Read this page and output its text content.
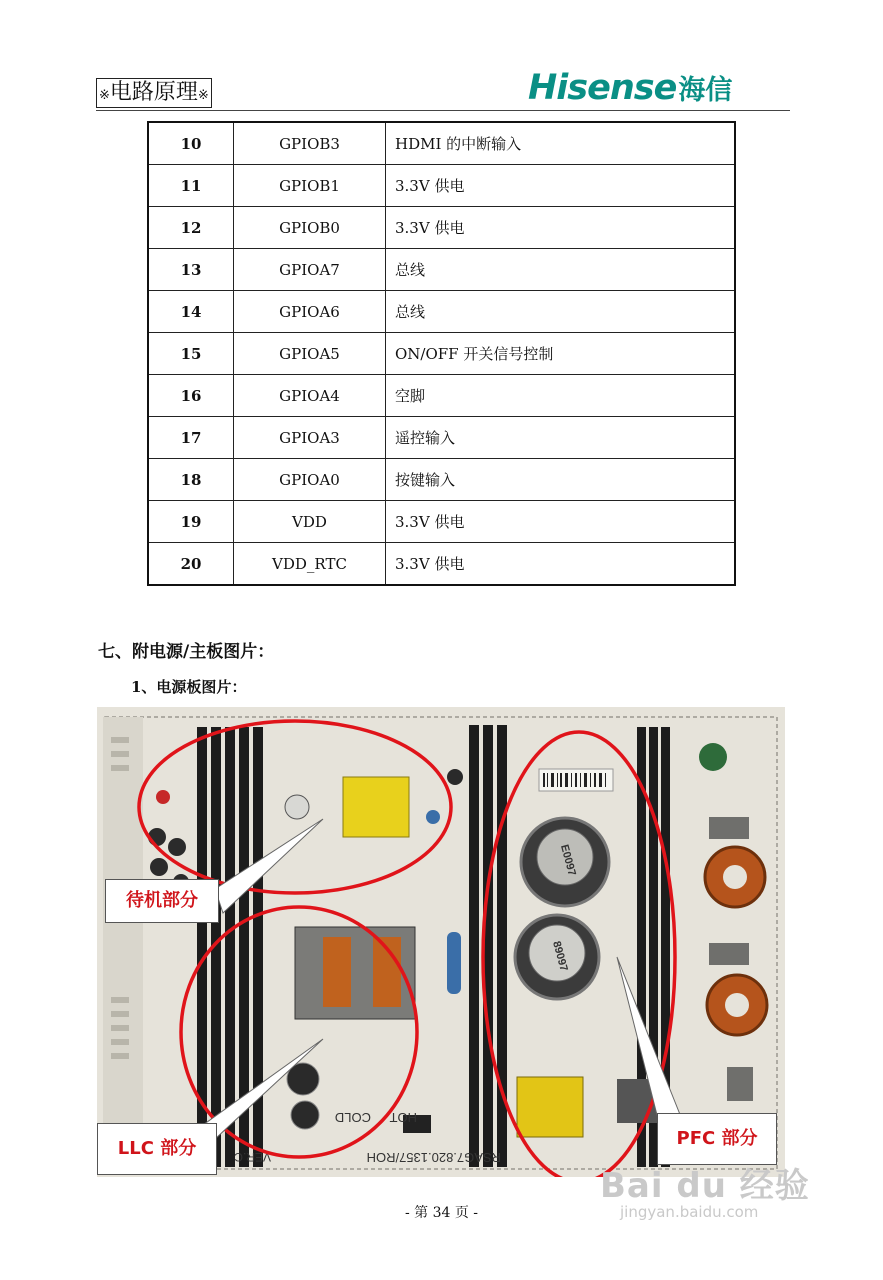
※电路原理※	Hisense海信
10	GPIOB3	HDMI 的中断输入
11	GPIOB1	3.3V 供电
12	GPIOB0	3.3V 供电
13	GPIOA7	总线
14	GPIOA6	总线
15	GPIOA5	ON/OFF 开关信号控制
16	GPIOA4	空脚
17	GPIOA3	遥控输入
18	GPIOA0	按键输入
19	VDD	3.3V 供电
20	VDD_RTC	3.3V 供电
七、附电源/主板图片：
1、电源板图片：
E0097
89097
COLD HOT
RSAG7.820.1357/ROH
VER.C
待机部分
LLC 部分	PFC 部分
- 第 34 页 -
Bai du 经验
jingyan.baidu.com
